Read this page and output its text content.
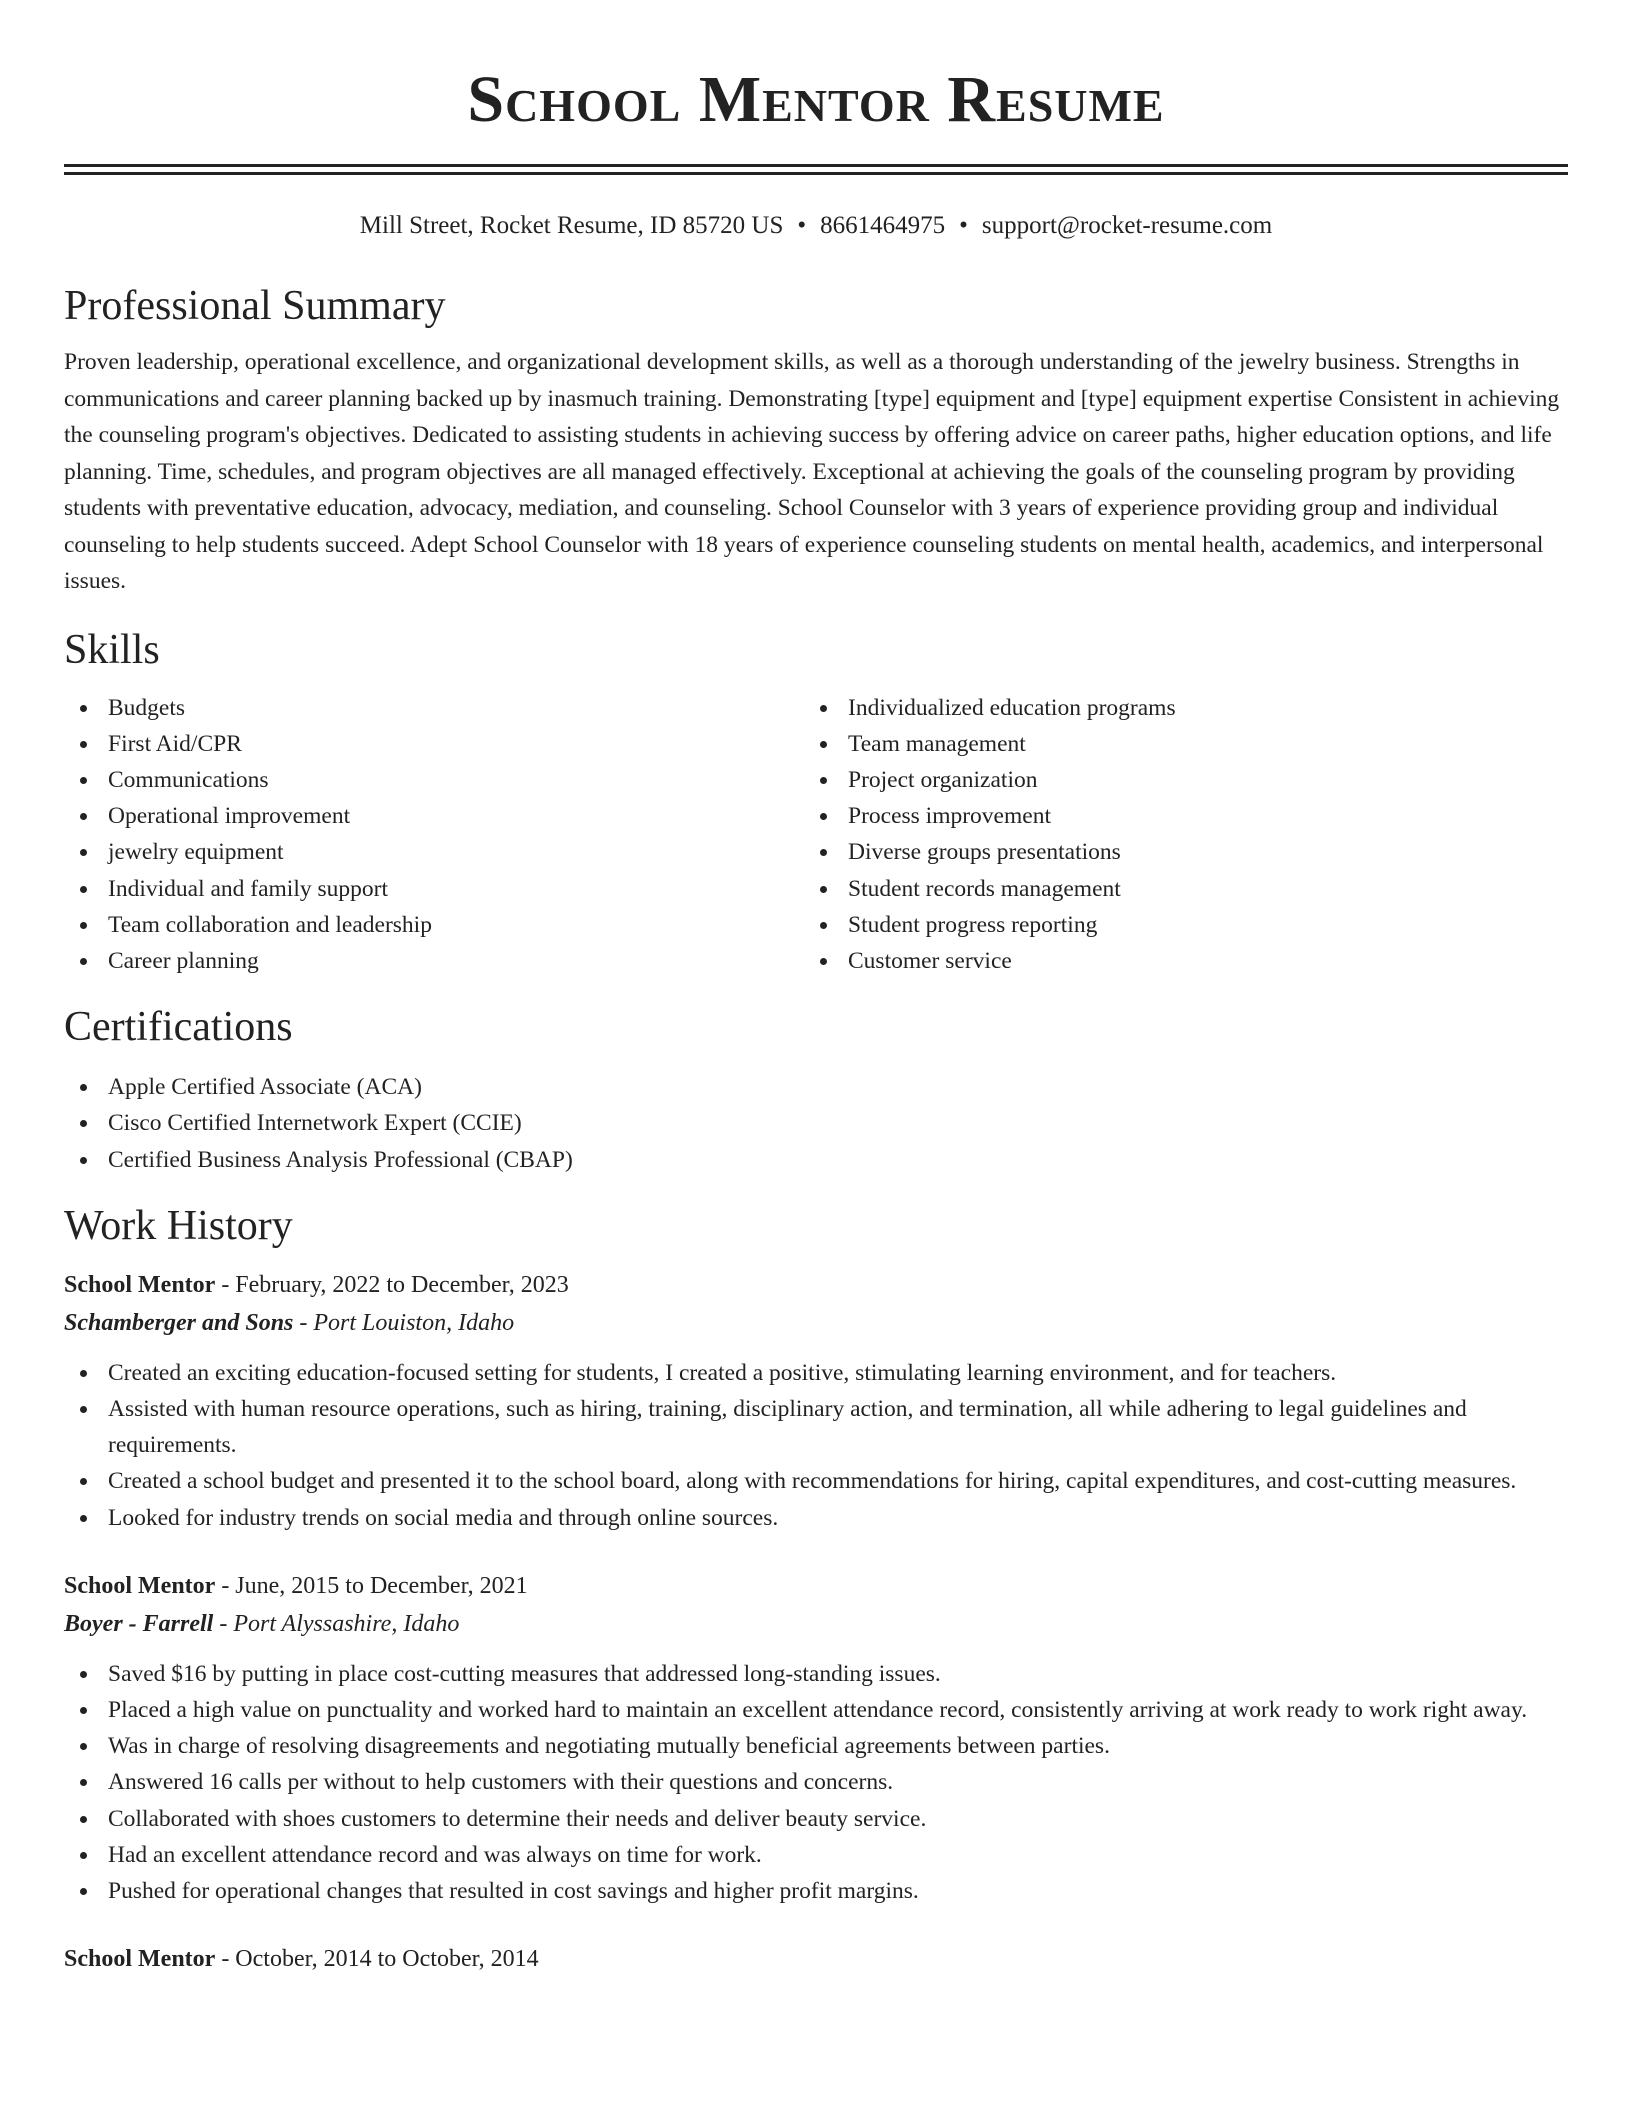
School Mentor Resume
Mill Street, Rocket Resume, ID 85720 US • 8661464975 • support@rocket-resume.com
Professional Summary

Proven leadership, operational excellence, and organizational development skills, as well as a thorough understanding of the jewelry business. Strengths in communications and career planning backed up by inasmuch training. Demonstrating [type] equipment and [type] equipment expertise Consistent in achieving the counseling program's objectives. Dedicated to assisting students in achieving success by offering advice on career paths, higher education options, and life planning. Time, schedules, and program objectives are all managed effectively. Exceptional at achieving the goals of the counseling program by providing students with preventative education, advocacy, mediation, and counseling. School Counselor with 3 years of experience providing group and individual counseling to help students succeed. Adept School Counselor with 18 years of experience counseling students on mental health, academics, and interpersonal issues.

Skills
Budgets
First Aid/CPR
Communications
Operational improvement
jewelry equipment
Individual and family support
Team collaboration and leadership
Career planning
Individualized education programs
Team management
Project organization
Process improvement
Diverse groups presentations
Student records management
Student progress reporting
Customer service
Certifications
Apple Certified Associate (ACA)
Cisco Certified Internetwork Expert (CCIE)
Certified Business Analysis Professional (CBAP)
Work History
School Mentor - February, 2022 to December, 2023
Schamberger and Sons - Port Louiston, Idaho
Created an exciting education-focused setting for students, I created a positive, stimulating learning environment, and for teachers.
Assisted with human resource operations, such as hiring, training, disciplinary action, and termination, all while adhering to legal guidelines and requirements.
Created a school budget and presented it to the school board, along with recommendations for hiring, capital expenditures, and cost-cutting measures.
Looked for industry trends on social media and through online sources.
School Mentor - June, 2015 to December, 2021
Boyer - Farrell - Port Alyssashire, Idaho
Saved $16 by putting in place cost-cutting measures that addressed long-standing issues.
Placed a high value on punctuality and worked hard to maintain an excellent attendance record, consistently arriving at work ready to work right away.
Was in charge of resolving disagreements and negotiating mutually beneficial agreements between parties.
Answered 16 calls per without to help customers with their questions and concerns.
Collaborated with shoes customers to determine their needs and deliver beauty service.
Had an excellent attendance record and was always on time for work.
Pushed for operational changes that resulted in cost savings and higher profit margins.
School Mentor - October, 2014 to October, 2014
